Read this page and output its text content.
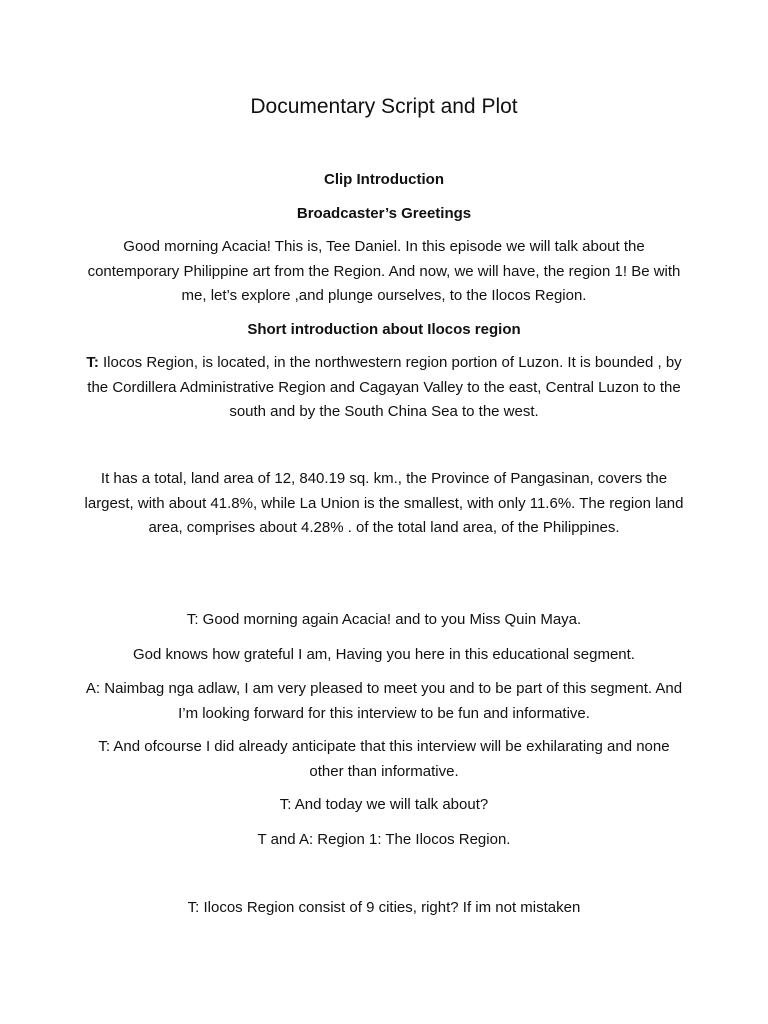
Documentary Script and Plot

Clip Introduction

Broadcaster’s Greetings

Good morning Acacia! This is, Tee Daniel. In this episode we will talk about the contemporary Philippine art from the Region. And now, we will have, the region 1! Be with me, let’s explore ,and plunge ourselves, to the Ilocos Region.

Short introduction about Ilocos region

T: Ilocos Region, is located, in the northwestern region portion of Luzon. It is bounded , by the Cordillera Administrative Region and Cagayan Valley to the east, Central Luzon to the south and by the South China Sea to the west.

It has a total, land area of 12, 840.19 sq. km., the Province of Pangasinan, covers the largest, with about 41.8%, while La Union is the smallest, with only 11.6%. The region land area, comprises about 4.28% . of the total land area, of the Philippines.

T: Good morning again Acacia! and to you Miss Quin Maya.

God knows how grateful I am, Having you here in this educational segment.

A: Naimbag nga adlaw, I am very pleased to meet you and to be part of this segment. And I’m looking forward for this interview to be fun and informative.

T: And ofcourse I did already anticipate that this interview will be exhilarating and none other than informative.

T: And today we will talk about?

T and A: Region 1: The Ilocos Region.

T: Ilocos Region consist of 9 cities, right? If im not mistaken
